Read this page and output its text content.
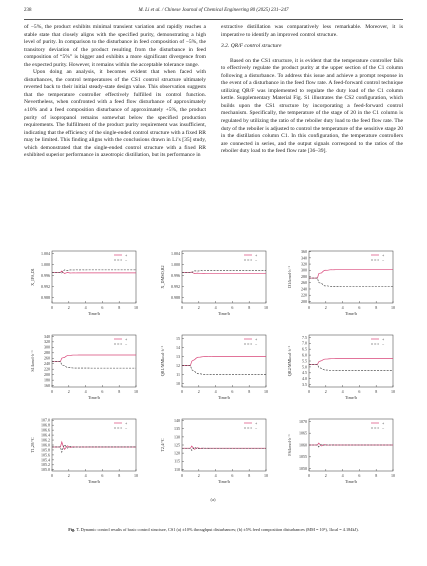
238	M. Li et al. / Chinese Journal of Chemical Engineering 80 (2025) 231–247

of −5%, the product exhibits minimal transient variation and rapidly reaches a stable state that closely aligns with the specified purity, demonstrating a high level of purity. In comparison to the disturbance in feed composition of −5%, the transitory deviation of the product resulting from the disturbance in feed composition of “5%” is bigger and exhibits a more significant divergence from the expected purity. However, it remains within the acceptable tolerance range.

Upon doing an analysis, it becomes evident that when faced with disturbances, the control temperatures of the CS1 control structure ultimately reverted back to their initial steady-state design value. This observation suggests that the temperature controller effectively fulfilled its control function. Nevertheless, when confronted with a feed flow disturbance of approximately ±10% and a feed composition disturbance of approximately +5%, the product purity of isopropanol remains somewhat below the specified production requirements. The fulfillment of the product purity requirement was insufficient, indicating that the efficiency of the single-ended control structure with a fixed RR may be limited. This finding aligns with the conclusions drawn in Li’s [35] study, which demonstrated that the single-ended control structure with a fixed RR exhibited superior performance in azeotropic distillation, but its performance in

extractive distillation was comparatively less remarkable. Moreover, it is imperative to identify an improved control structure.

3.2. QR/F control structure

Based on the CS1 structure, it is evident that the temperature controller fails to effectively regulate the product purity at the upper section of the C1 column following a disturbance. To address this issue and achieve a prompt response in the event of a disturbance in the feed flow rate. A feed-forward control technique utilizing QR/F was implemented to regulate the duty load of the C1 column kettle. Supplementary Material Fig. S1 illustrates the CS2 configuration, which builds upon the CS1 structure by incorporating a feed-forward control mechanism. Specifically, the temperature of the stage of 20 in the C1 column is regulated by utilizing the ratio of the reboiler duty load to the feed flow rate. The duty of the reboiler is adjusted to control the temperature of the sensitive stage 20 in the distillation column C1. In this configuration, the temperature controllers are connected in series, and the output signals correspond to the ratios of the reboiler duty load to the feed flow rate [36–39].

0.988
0.992
0.996
1.000
1.004
0	2	4	6	8	10
Time/h
X_IPA,D1
+
−
0.988
0.992
0.996
1.000
1.004
0	2	4	6	8	10
Time/h
X_DMSO,B2
+
−
200
220
240
260
280
300
320
340
360
0	2	4	6	8	10
Time/h
D1/kmol·h⁻¹
+
−
160
180
200
220
240
260
280
300
320
340
0	2	4	6	8	10
Time/h
S1/kmol·h⁻¹
+
−
10
11
12
13
14
15
0	2	4	6	8	10
Time/h
QR1/MMkcal·h⁻¹
+
−
3.5
4.0
4.5
5.0
5.5
6.0
6.5
7.0
7.5
0	2	4	6	8	10
Time/h
QR2/MMkcal·h⁻¹
+
−
105.0
105.2
105.4
105.6
105.8
106.0
106.2
106.4
106.6
106.8
107.0
0	2	4	6	8	10
Time/h
T1,20/°C
+
−
110
115
120
125
130
135
140
0	2	4	6	8	10
Time/h
T2,4/°C
+
−
1050
1055
1060
1065
1070
0	2	4	6	8	10
Time/h
FS/kmol·h⁻¹
+
−
(a)
Fig. 7. Dynamic control results of basic control structure, CS1 (a) ±10% throughput disturbances; (b) ±5% feed composition disturbances (MM = 10⁶), 1kcal = 4.184kJ).
